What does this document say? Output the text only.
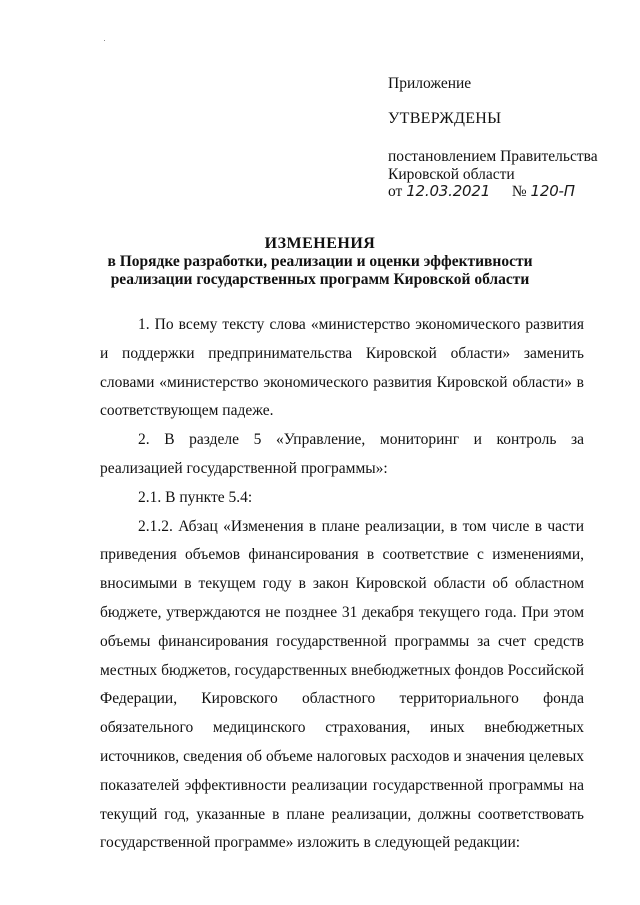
Приложение
УТВЕРЖДЕНЫ
постановлением Правительства
Кировской области
от 12.03.2021 № 120-П
ИЗМЕНЕНИЯ
в Порядке разработки, реализации и оценки эффективности
реализации государственных программ Кировской области

1. По всему тексту слова «министерство экономического развития и поддержки предпринимательства Кировской области» заменить словами «министерство экономического развития Кировской области» в соответствующем падеже.

2. В разделе 5 «Управление, мониторинг и контроль за реализацией государственной программы»:

2.1. В пункте 5.4:

2.1.2. Абзац «Изменения в плане реализации, в том числе в части приведения объемов финансирования в соответствие с изменениями, вносимыми в текущем году в закон Кировской области об областном бюджете, утверждаются не позднее 31 декабря текущего года. При этом объемы финансирования государственной программы за счет средств местных бюджетов, государственных внебюджетных фондов Российской Федерации, Кировского областного территориального фонда обязательного медицинского страхования, иных внебюджетных источников, сведения об объеме налоговых расходов и значения целевых показателей эффективности реализации государственной программы на текущий год, указанные в плане реализации, должны соответствовать государственной программе» изложить в следующей редакции:
